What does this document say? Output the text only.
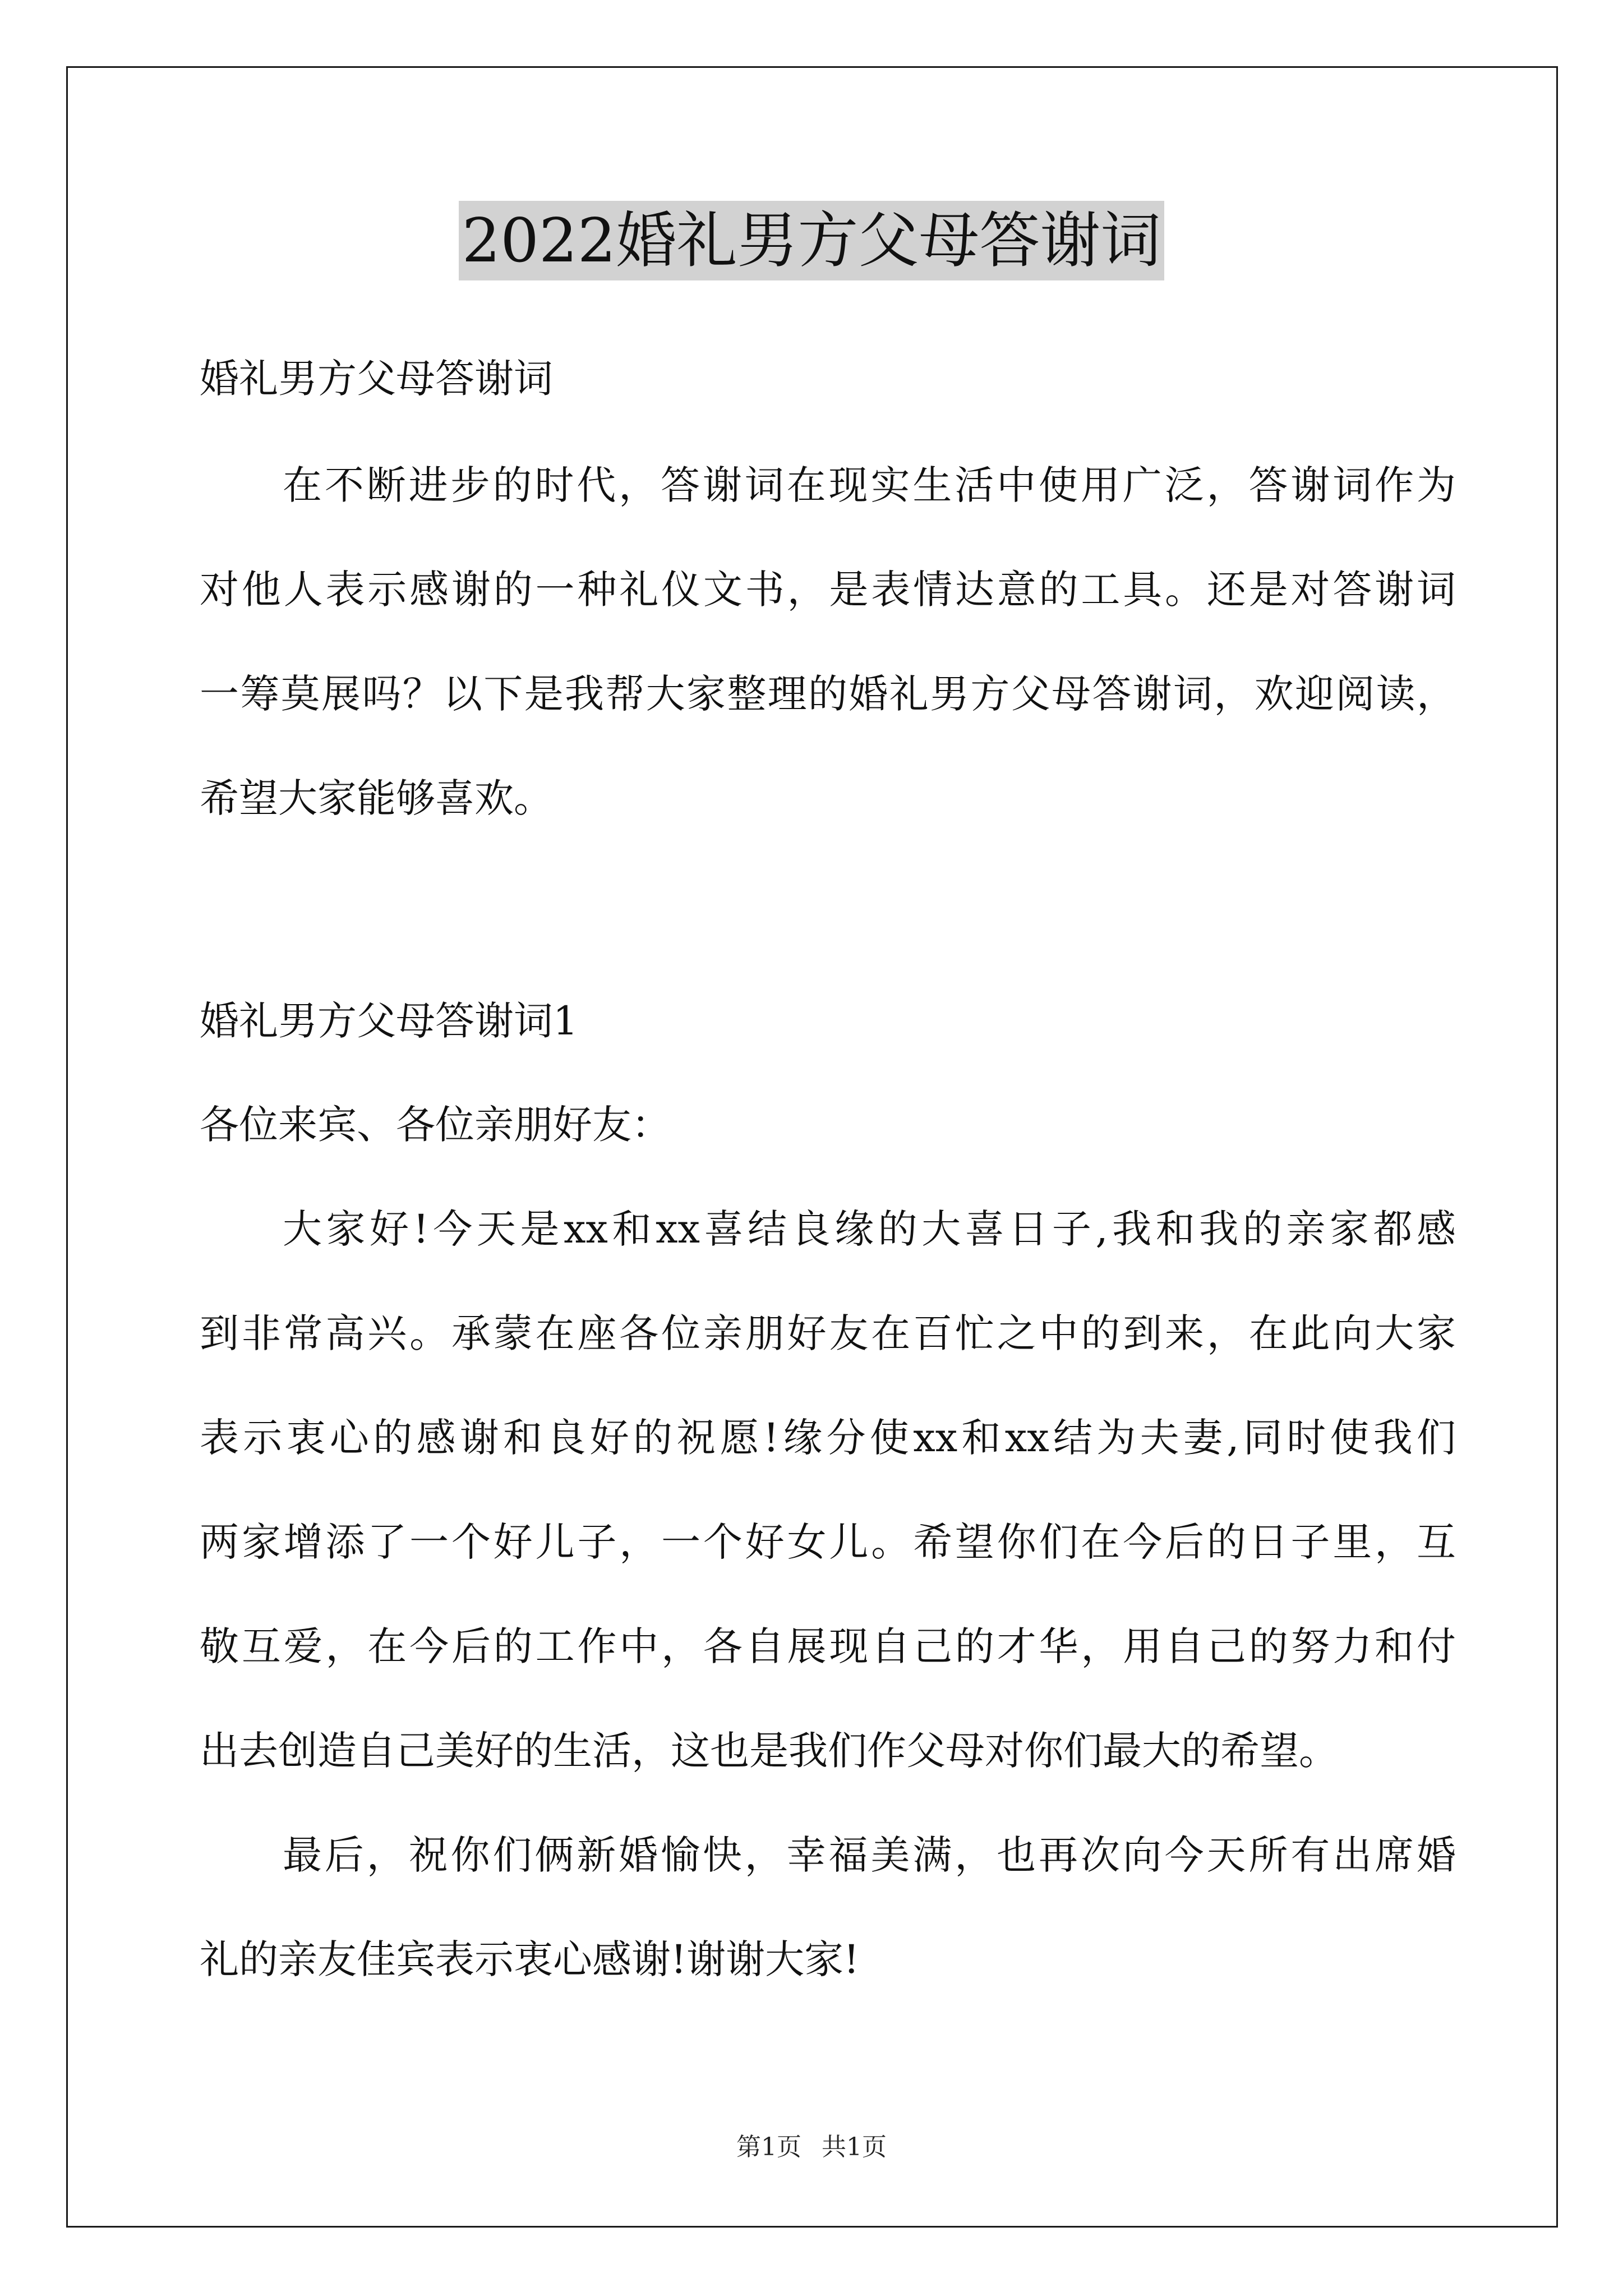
2022婚礼男方父母答谢词
婚礼男方父母答谢词
在不断进步的时代，答谢词在现实生活中使用广泛，答谢词作为
对他人表示感谢的一种礼仪文书，是表情达意的工具。还是对答谢词
一筹莫展吗？以下是我帮大家整理的婚礼男方父母答谢词，欢迎阅读，
希望大家能够喜欢。
婚礼男方父母答谢词1
各位来宾、各位亲朋好友：
大家好!今天是xx和xx喜结良缘的大喜日子,我和我的亲家都感
到非常高兴。承蒙在座各位亲朋好友在百忙之中的到来，在此向大家
表示衷心的感谢和良好的祝愿!缘分使xx和xx结为夫妻,同时使我们
两家增添了一个好儿子，一个好女儿。希望你们在今后的日子里，互
敬互爱，在今后的工作中，各自展现自己的才华，用自己的努力和付
出去创造自己美好的生活，这也是我们作父母对你们最大的希望。
最后，祝你们俩新婚愉快，幸福美满，也再次向今天所有出席婚
礼的亲友佳宾表示衷心感谢!谢谢大家!
第1页 共1页
